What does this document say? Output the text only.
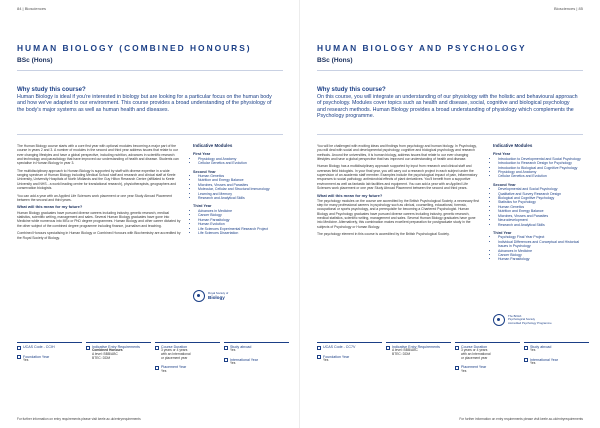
84 | Biosciences
HUMAN BIOLOGY (COMBINED HONOURS)
BSc (Hons)
Why study this course?
Human Biology is ideal if you're interested in biology but are looking for a particular focus on the human body and how we've adapted to our environment. This course provides a broad understanding of the physiology of the body's major systems as well as human health and diseases.

The Human Biology course starts with a core first year with optional modules becoming a major part of the course in years 2 and 3. A number of modules in the second and third year address issues that relate to our ever changing lifestyles and have a global perspective, including nutrition, advances in scientific research and technology and parasitology that have improved our understanding of health and disease. Students can specialise in Human Biology in year 3.

The multidisciplinary approach to Human Biology is supported by staff with diverse expertise in a wide ranging spectrum of Human Biology including Medical School staff and research and clinical staff at Keele University, University Hospitals of North Midlands and the Guy Hilton Research Centre (affiliated to Keele University and NHS - a world leading centre for translational research), physiotherapists, geographers and conservation biologists.

You can add a year with an Applied Life Sciences work placement or one year Study Abroad Placement between the second and third years.

What will this mean for my future?

Human Biology graduates have pursued diverse careers including industry, genetic research, medical statistics, scientific writing, management and sales. Several Human Biology graduates have gone into Medicine while numerous into MSc or PhD degree programmes. Human Biology and other career dictated by the other subject of the combined degree programme including finance, journalism and teaching.

Combined Honours specialising in Human Biology or Combined Honours with Biochemistry are accredited by the Royal Society of Biology.

Indicative Modules
First Year
• Physiology and Anatomy
• Cellular Genetics and Evolution
Second Year
• Human Genetics
• Nutrition and Energy Balance
• Microbes, Viruses and Parasites
• Molecular, Cellular and Structural Immunology
• Learning and Memory
• Research and Analytical Skills
Third Year
• Advances in Medicine
• Cancer Biology
• Human Parasitology
• Human Evolution
• Life Sciences Experimental Research Project
• Life Sciences Dissertation
Royal Society of
Biology
UCAS Code - CCIH
Foundation Year
Yes
Indicative Entry Requirements
Combined Honours
A level: BBB/ABC
BTEC: DDM
Course Duration
3 years or 4 years
with an International
or placement year
Placement Year
Yes
Study abroad
Yes
International Year
Yes
For further information on entry requirements please visit keele.ac.uk/entryrequirements
Biosciences | 85
HUMAN BIOLOGY AND PSYCHOLOGY
BSc (Hons)
Why study this course?
On this course, you will integrate an understanding of our physiology with the holistic and behavioural approach of psychology. Modules cover topics such as health and disease, social, cognitive and biological psychology and research methods. Human Biology provides a broad understanding of physiology which complements the Psychology programme.

You will be challenged with exciting ideas and findings from psychology and human biology. In Psychology, you will deal with social and developmental psychology, cognitive and biological psychology and research methods. Around the universities, it is human biology, address issues that relate to our ever changing lifestyles and have a global perspective that has improved our understanding of health and disease.

Human Biology has a multidisciplinary approach supported by input from research and clinical staff and overseas field biologists. In your final year, you will carry out a research project in each subject under the supervision of an academic staff member. Examples include the psychological impact of pain, inflammatory responses to social pathology, antimicrobial effects of plant derivatives. You'll benefit from a supportive environment as well as fantastic lab facilities and equipment. You can add a year with an Applied Life Sciences work placement or one year Study Abroad Placement between the second and third years.

What will this mean for my future?

The psychology modules on the course are accredited by the British Psychological Society, a necessary first step for many professional careers in psychology such as clinical, counselling, educational, forensic, occupational or sports psychology, and a prerequisite for becoming a Chartered Psychologist. Human Biology and Psychology graduates have pursued diverse careers including industry, genetic research, medical statistics, scientific writing, management and sales. Several Human Biology graduates have gone into Medicine. Alternatively, this combination makes excellent preparation for postgraduate study in the subjects of Psychology or Human Biology.

The psychology element in this course is accredited by the British Psychological Society.

Indicative Modules
First Year
• Introduction to Developmental and Social Psychology
• Introduction to Research Design for Psychology
• Introduction to Biological and Cognitive Psychology
• Physiology and Anatomy
• Cellular Genetics and Evolution
Second Year
• Developmental and Social Psychology
• Qualitative and Survey Research Design
• Biological and Cognitive Psychology
• Statistics for Psychology
• Human Genetics
• Nutrition and Energy Balance
• Microbes, Viruses and Parasites
• Neurodevelopment
• Research and Analytical Skills
Third Year
• Psychology Final Year Project
• Individual Differences and Conceptual and Historical Issues in Psychology
• Advances in Medicine
• Cancer Biology
• Human Parasitology
The British
Psychological Society
Accredited Psychology Programme
UCAS Code - CC7V
Foundation Year
Yes
Indicative Entry Requirements
A level: BBB/ABC
BTEC: DDM
Course Duration
3 years or 4 years
with an International
or placement year
Placement Year
Yes
Study abroad
Yes
International Year
Yes
For further information on entry requirements please visit keele.ac.uk/entryrequirements
